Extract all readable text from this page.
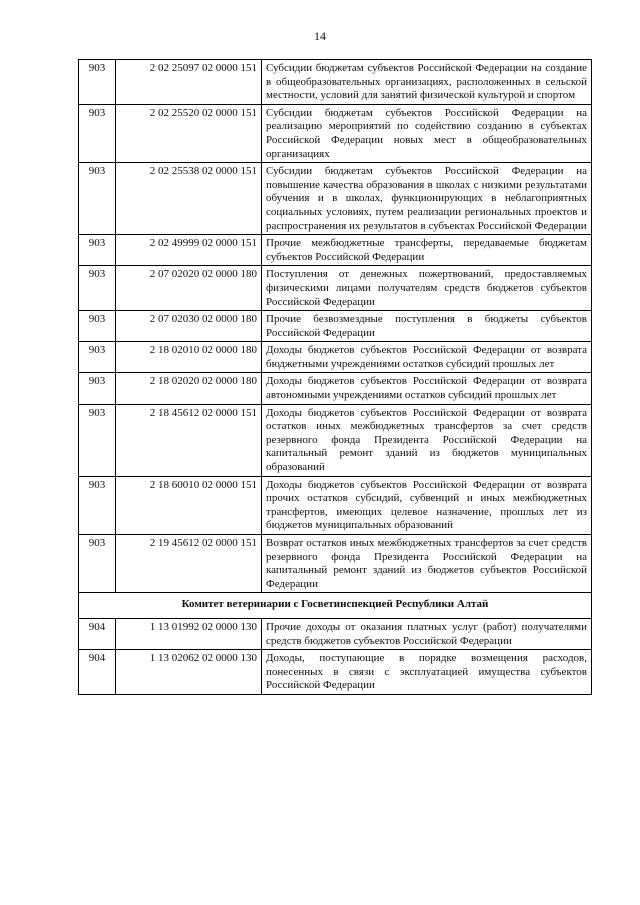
14
903	2 02 25097 02 0000 151	Субсидии бюджетам субъектов Российской Федерации на создание в общеобразовательных организациях, расположенных в сельской местности, условий для занятий физической культурой и спортом
903	2 02 25520 02 0000 151	Субсидии бюджетам субъектов Российской Федерации на реализацию мероприятий по содействию созданию в субъектах Российской Федерации новых мест в общеобразовательных организациях
903	2 02 25538 02 0000 151	Субсидии бюджетам субъектов Российской Федерации на повышение качества образования в школах с низкими результатами обучения и в школах, функционирующих в неблагоприятных социальных условиях, путем реализации региональных проектов и распространения их результатов в субъектах Российской Федерации
903	2 02 49999 02 0000 151	Прочие межбюджетные трансферты, передаваемые бюджетам субъектов Российской Федерации
903	2 07 02020 02 0000 180	Поступления от денежных пожертвований, предоставляемых физическими лицами получателям средств бюджетов субъектов Российской Федерации
903	2 07 02030 02 0000 180	Прочие безвозмездные поступления в бюджеты субъектов Российской Федерации
903	2 18 02010 02 0000 180	Доходы бюджетов субъектов Российской Федерации от возврата бюджетными учреждениями остатков субсидий прошлых лет
903	2 18 02020 02 0000 180	Доходы бюджетов субъектов Российской Федерации от возврата автономными учреждениями остатков субсидий прошлых лет
903	2 18 45612 02 0000 151	Доходы бюджетов субъектов Российской Федерации от возврата остатков иных межбюджетных трансфертов за счет средств резервного фонда Президента Российской Федерации на капитальный ремонт зданий из бюджетов муниципальных образований
903	2 18 60010 02 0000 151	Доходы бюджетов субъектов Российской Федерации от возврата прочих остатков субсидий, субвенций и иных межбюджетных трансфертов, имеющих целевое назначение, прошлых лет из бюджетов муниципальных образований
903	2 19 45612 02 0000 151	Возврат остатков иных межбюджетных трансфертов за счет средств резервного фонда Президента Российской Федерации на капитальный ремонт зданий из бюджетов субъектов Российской Федерации
Комитет ветеринарии с Госветинспекцией Республики Алтай		
904	1 13 01992 02 0000 130	Прочие доходы от оказания платных услуг (работ) получателями средств бюджетов субъектов Российской Федерации
904	1 13 02062 02 0000 130	Доходы, поступающие в порядке возмещения расходов, понесенных в связи с эксплуатацией имущества субъектов Российской Федерации
